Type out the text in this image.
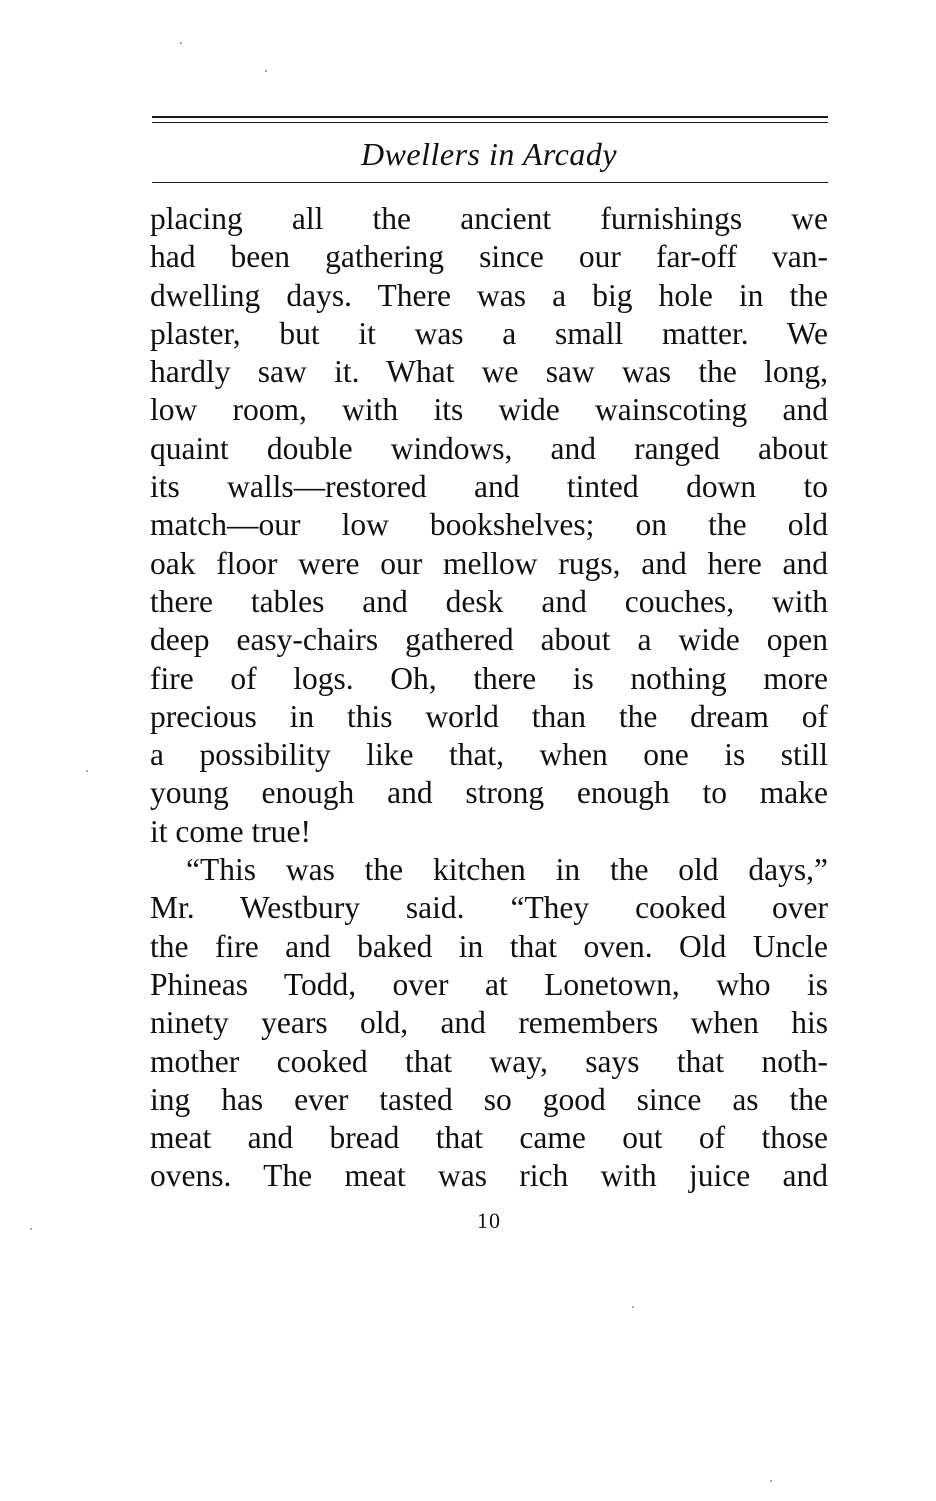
Dwellers in Arcady
placing all the ancient furnishings we
had been gathering since our far-off van-
dwelling days. There was a big hole in the
plaster, but it was a small matter. We
hardly saw it. What we saw was the long,
low room, with its wide wainscoting and
quaint double windows, and ranged about
its walls—restored and tinted down to
match—our low bookshelves; on the old
oak floor were our mellow rugs, and here and
there tables and desk and couches, with
deep easy-chairs gathered about a wide open
fire of logs. Oh, there is nothing more
precious in this world than the dream of
a possibility like that, when one is still
young enough and strong enough to make
it come true!
“This was the kitchen in the old days,”
Mr. Westbury said. “They cooked over
the fire and baked in that oven. Old Uncle
Phineas Todd, over at Lonetown, who is
ninety years old, and remembers when his
mother cooked that way, says that noth-
ing has ever tasted so good since as the
meat and bread that came out of those
ovens. The meat was rich with juice and
10
